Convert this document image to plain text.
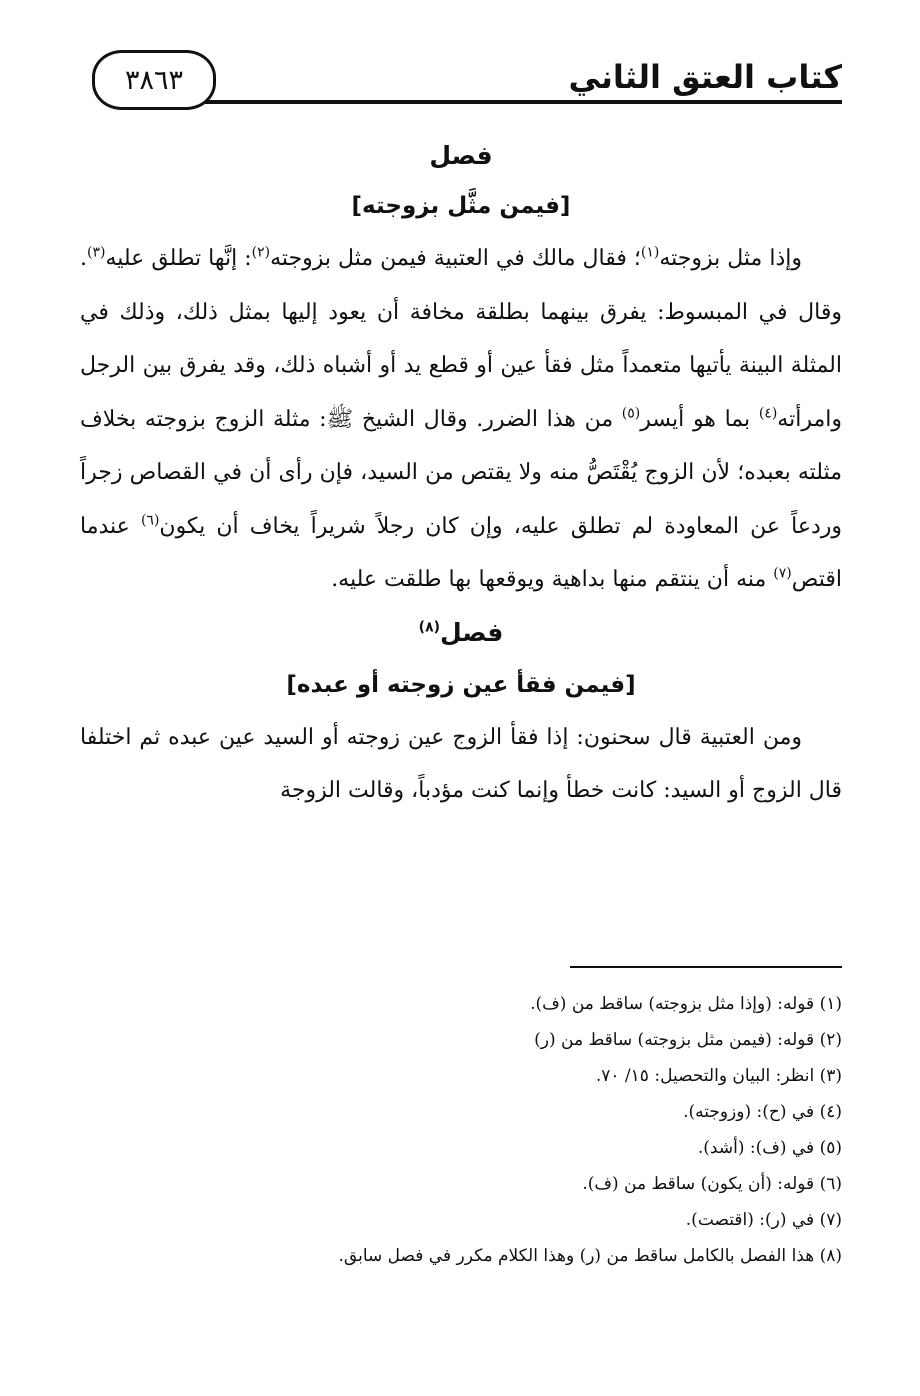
كتاب العتق الثاني
٣٨٦٣
فصل
[فيمن مثَّل بزوجته]

وإذا مثل بزوجته$^{(١)}$؛ فقال مالك في العتبية فيمن مثل بزوجته$^{(٢)}$: إنَّها تطلق عليه$^{(٣)}$. وقال في المبسوط: يفرق بينهما بطلقة مخافة أن يعود إليها بمثل ذلك، وذلك في المثلة البينة يأتيها متعمداً مثل فقأ عين أو قطع يد أو أشباه ذلك، وقد يفرق بين الرجل وامرأته$^{(٤)}$ بما هو أيسر$^{(٥)}$ من هذا الضرر. وقال الشيخ ﷺ: مثلة الزوج بزوجته بخلاف مثلته بعبده؛ لأن الزوج يُقْتَصُّ منه ولا يقتص من السيد، فإن رأى أن في القصاص زجراً وردعاً عن المعاودة لم تطلق عليه، وإن كان رجلاً شريراً يخاف أن يكون$^{(٦)}$ عندما اقتص$^{(٧)}$ منه أن ينتقم منها بداهية ويوقعها بها طلقت عليه.

فصل$^{(٨)}$
[فيمن فقأ عين زوجته أو عبده]

ومن العتبية قال سحنون: إذا فقأ الزوج عين زوجته أو السيد عين عبده ثم اختلفا قال الزوج أو السيد: كانت خطأ وإنما كنت مؤدباً، وقالت الزوجة

(١) قوله: (وإذا مثل بزوجته) ساقط من (ف).
(٢) قوله: (فيمن مثل بزوجته) ساقط من (ر)
(٣) انظر: البيان والتحصيل: ١٥/ ٧٠.
(٤) في (ح): (وزوجته).
(٥) في (ف): (أشد).
(٦) قوله: (أن يكون) ساقط من (ف).
(٧) في (ر): (اقتصت).
(٨) هذا الفصل بالكامل ساقط من (ر) وهذا الكلام مكرر في فصل سابق.
